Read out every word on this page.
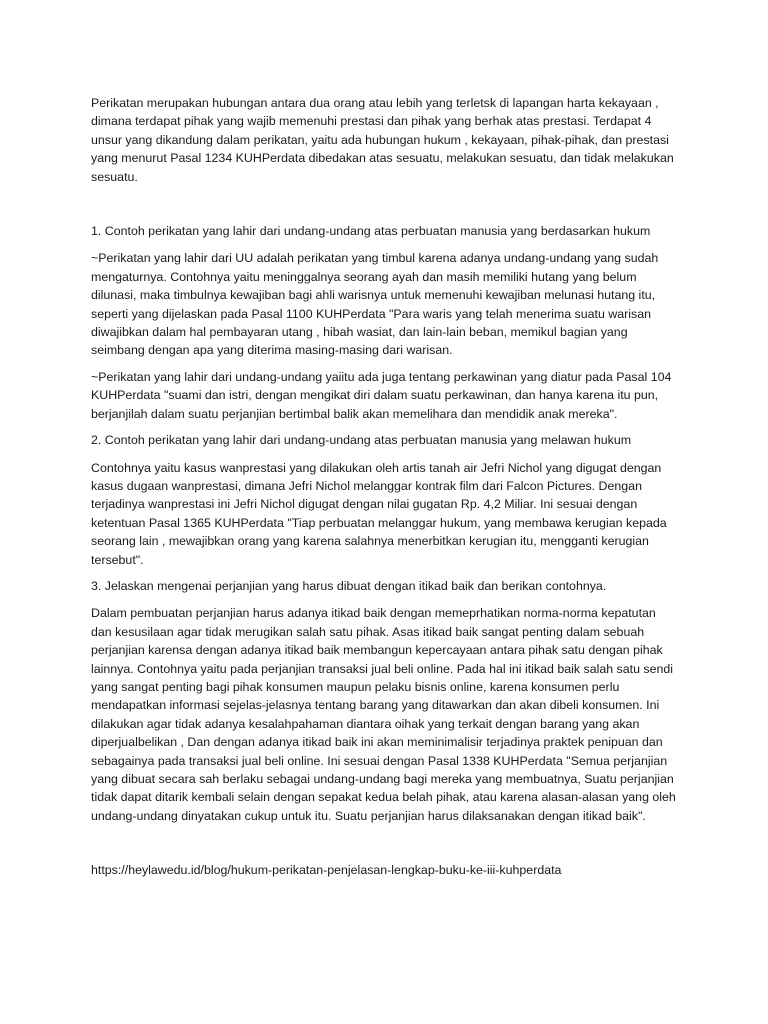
Perikatan merupakan hubungan antara dua orang atau lebih yang terletsk di lapangan harta kekayaan , dimana terdapat pihak yang wajib memenuhi prestasi dan pihak yang berhak atas prestasi. Terdapat 4 unsur yang dikandung dalam perikatan, yaitu ada hubungan hukum , kekayaan, pihak-pihak, dan prestasi yang menurut Pasal 1234 KUHPerdata dibedakan atas sesuatu, melakukan sesuatu, dan tidak melakukan sesuatu.

1. Contoh perikatan yang lahir dari undang-undang atas perbuatan manusia yang berdasarkan hukum

~Perikatan yang lahir dari UU adalah perikatan yang timbul karena adanya undang-undang yang sudah mengaturnya. Contohnya yaitu meninggalnya seorang ayah dan masih memiliki hutang yang belum dilunasi, maka timbulnya kewajiban bagi ahli warisnya untuk memenuhi kewajiban melunasi hutang itu, seperti yang dijelaskan pada Pasal 1100 KUHPerdata "Para waris yang telah menerima suatu warisan diwajibkan dalam hal pembayaran utang , hibah wasiat, dan lain-lain beban, memikul bagian yang seimbang dengan apa yang diterima masing-masing dari warisan.

~Perikatan yang lahir dari undang-undang yaiitu ada juga tentang perkawinan yang diatur pada Pasal 104 KUHPerdata "suami dan istri, dengan mengikat diri dalam suatu perkawinan, dan hanya karena itu pun, berjanjilah dalam suatu perjanjian bertimbal balik akan memelihara dan mendidik anak mereka".

2. Contoh perikatan yang lahir dari undang-undang atas perbuatan manusia yang melawan hukum

Contohnya yaitu kasus wanprestasi yang dilakukan oleh artis tanah air Jefri Nichol yang digugat dengan kasus dugaan wanprestasi, dimana Jefri Nichol melanggar kontrak film dari Falcon Pictures. Dengan terjadinya wanprestasi ini Jefri Nichol digugat dengan nilai gugatan Rp. 4,2 Miliar. Ini sesuai dengan ketentuan Pasal 1365 KUHPerdata "Tiap perbuatan melanggar hukum, yang membawa kerugian kepada seorang lain , mewajibkan orang yang karena salahnya menerbitkan kerugian itu, mengganti kerugian tersebut".

3. Jelaskan mengenai perjanjian yang harus dibuat dengan itikad baik dan berikan contohnya.

Dalam pembuatan perjanjian harus adanya itikad baik dengan memeprhatikan norma-norma kepatutan dan kesusilaan agar tidak merugikan salah satu pihak. Asas itikad baik sangat penting dalam sebuah perjanjian karensa dengan adanya itikad baik membangun kepercayaan antara pihak satu dengan pihak lainnya. Contohnya yaitu pada perjanjian transaksi jual beli online. Pada hal ini itikad baik salah satu sendi yang sangat penting bagi pihak konsumen maupun pelaku bisnis online, karena konsumen perlu mendapatkan informasi sejelas-jelasnya tentang barang yang ditawarkan dan akan dibeli konsumen. Ini dilakukan agar tidak adanya kesalahpahaman diantara oihak yang terkait dengan barang yang akan diperjualbelikan , Dan dengan adanya itikad baik ini akan meminimalisir terjadinya praktek penipuan dan sebagainya pada transaksi jual beli online. Ini sesuai dengan Pasal 1338 KUHPerdata "Semua perjanjian yang dibuat secara sah berlaku sebagai undang-undang bagi mereka yang membuatnya, Suatu perjanjian tidak dapat ditarik kembali selain dengan sepakat kedua belah pihak, atau karena alasan-alasan yang oleh undang-undang dinyatakan cukup untuk itu. Suatu perjanjian harus dilaksanakan dengan itikad baik".

https://heylawedu.id/blog/hukum-perikatan-penjelasan-lengkap-buku-ke-iii-kuhperdata
